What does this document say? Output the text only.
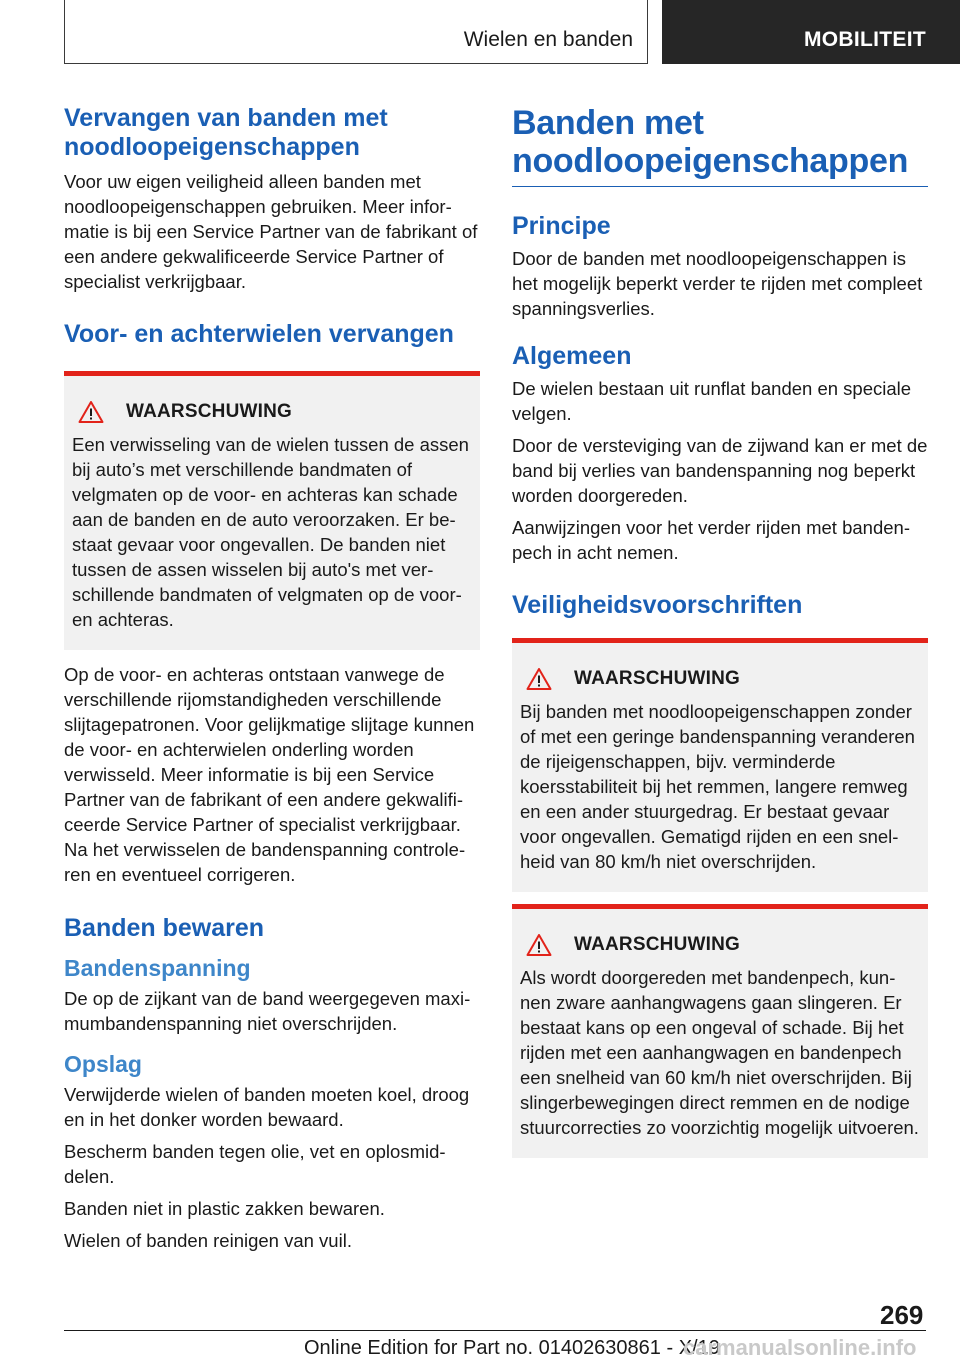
Wielen en banden	MOBILITEIT
Vervangen van banden met noodloopeigenschappen

Voor uw eigen veiligheid alleen banden met noodloopeigenschappen gebruiken. Meer informatie is bij een Service Partner van de fabrikant of een andere gekwalificeerde Service Partner of specialist verkrijgbaar.

Voor- en achterwielen vervangen
WAARSCHUWING

Een verwisseling van de wielen tussen de assen bij auto’s met verschillende bandmaten of velgmaten op de voor- en achteras kan schade aan de banden en de auto veroorzaken. Er bestaat gevaar voor ongevallen. De banden niet tussen de assen wisselen bij auto's met verschillende bandmaten of velgmaten op de voor- en achteras.

Op de voor- en achteras ontstaan vanwege de verschillende rijomstandigheden verschillende slijtagepatronen. Voor gelijkmatige slijtage kunnen de voor- en achterwielen onderling worden verwisseld. Meer informatie is bij een Service Partner van de fabrikant of een andere gekwalificeerde Service Partner of specialist verkrijgbaar. Na het verwisselen de bandenspanning controleren en eventueel corrigeren.

Banden bewaren
Bandenspanning

De op de zijkant van de band weergegeven maximumbandenspanning niet overschrijden.

Opslag

Verwijderde wielen of banden moeten koel, droog en in het donker worden bewaard.

Bescherm banden tegen olie, vet en oplosmiddelen.

Banden niet in plastic zakken bewaren.

Wielen of banden reinigen van vuil.

Banden met noodloopeigenschappen
Principe

Door de banden met noodloopeigenschappen is het mogelijk beperkt verder te rijden met compleet spanningsverlies.

Algemeen

De wielen bestaan uit runflat banden en speciale velgen.

Door de versteviging van de zijwand kan er met de band bij verlies van bandenspanning nog beperkt worden doorgereden.

Aanwijzingen voor het verder rijden met bandenpech in acht nemen.

Veiligheidsvoorschriften
WAARSCHUWING

Bij banden met noodloopeigenschappen zonder of met een geringe bandenspanning veranderen de rijeigenschappen, bijv. verminderde koersstabiliteit bij het remmen, langere remweg en een ander stuurgedrag. Er bestaat gevaar voor ongevallen. Gematigd rijden en een snelheid van 80 km/h niet overschrijden.

WAARSCHUWING

Als wordt doorgereden met bandenpech, kunnen zware aanhangwagens gaan slingeren. Er bestaat kans op een ongeval of schade. Bij het rijden met een aanhangwagen en bandenpech een snelheid van 60 km/h niet overschrijden. Bij slingerbewegingen direct remmen en de nodige stuurcorrecties zo voorzichtig mogelijk uitvoeren.

269
Online Edition for Part no. 01402630861 - X/19
carmanualsonline.info
